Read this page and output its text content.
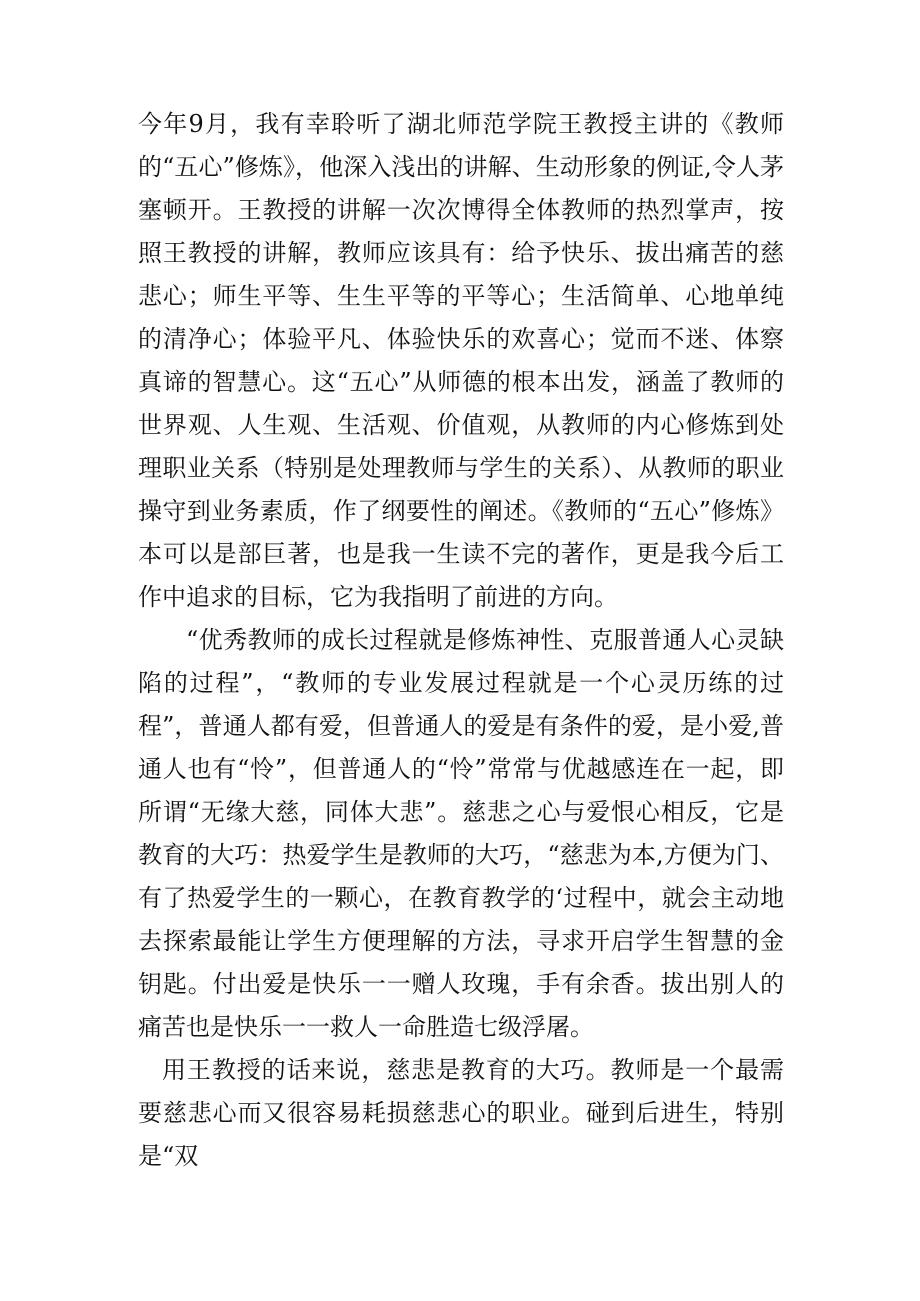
今年9月，我有幸聆听了湖北师范学院王教授主讲的《教师的“五心”修炼》，他深入浅出的讲解、生动形象的例证,令人茅塞顿开。王教授的讲解一次次博得全体教师的热烈掌声，按照王教授的讲解，教师应该具有：给予快乐、拔出痛苦的慈悲心；师生平等、生生平等的平等心；生活简单、心地单纯的清净心；体验平凡、体验快乐的欢喜心；觉而不迷、体察真谛的智慧心。这“五心”从师德的根本出发，涵盖了教师的世界观、人生观、生活观、价值观，从教师的内心修炼到处理职业关系（特别是处理教师与学生的关系）、从教师的职业操守到业务素质，作了纲要性的阐述。《教师的“五心”修炼》本可以是部巨著，也是我一生读不完的著作，更是我今后工作中追求的目标，它为我指明了前进的方向。

“优秀教师的成长过程就是修炼神性、克服普通人心灵缺陷的过程”，“教师的专业发展过程就是一个心灵历练的过程”，普通人都有爱，但普通人的爱是有条件的爱，是小爱,普通人也有“怜”，但普通人的“怜”常常与优越感连在一起，即所谓“无缘大慈，同体大悲”。慈悲之心与爱恨心相反，它是教育的大巧：热爱学生是教师的大巧，“慈悲为本,方便为门、有了热爱学生的一颗心，在教育教学的‘过程中，就会主动地去探索最能让学生方便理解的方法，寻求开启学生智慧的金钥匙。付出爱是快乐一一赠人玫瑰，手有余香。拔出别人的痛苦也是快乐一一救人一命胜造七级浮屠。

用王教授的话来说，慈悲是教育的大巧。教师是一个最需要慈悲心而又很容易耗损慈悲心的职业。碰到后进生，特别是“双
